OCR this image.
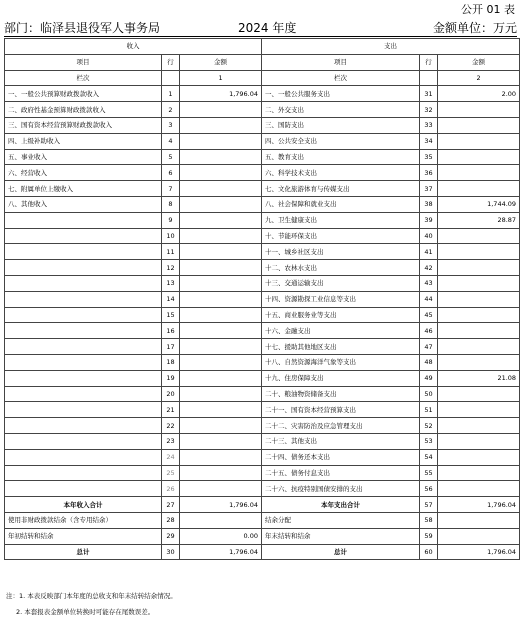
公开 01 表
部门：临泽县退役军人事务局	2024 年度	金额单位：万元
收入			支出		
项目	行	金额	项目	行	金额
栏次		1	栏次		2
一、一般公共预算财政拨款收入	1	1,796.04	一、一般公共服务支出	31	2.00
二、政府性基金预算财政拨款收入	2		二、外交支出	32	
三、国有资本经营预算财政拨款收入	3		三、国防支出	33	
四、上级补助收入	4		四、公共安全支出	34	
五、事业收入	5		五、教育支出	35	
六、经营收入	6		六、科学技术支出	36	
七、附属单位上缴收入	7		七、文化旅游体育与传媒支出	37	
八、其他收入	8		八、社会保障和就业支出	38	1,744.09
	9		九、卫生健康支出	39	28.87
	10		十、节能环保支出	40	
	11		十一、城乡社区支出	41	
	12		十二、农林水支出	42	
	13		十三、交通运输支出	43	
	14		十四、资源勘探工业信息等支出	44	
	15		十五、商业服务业等支出	45	
	16		十六、金融支出	46	
	17		十七、援助其他地区支出	47	
	18		十八、自然资源海洋气象等支出	48	
	19		十九、住房保障支出	49	21.08
	20		二十、粮油物资储备支出	50	
	21		二十一、国有资本经营预算支出	51	
	22		二十二、灾害防治及应急管理支出	52	
	23		二十三、其他支出	53	
	24		二十四、债务还本支出	54	
	25		二十五、债务付息支出	55	
	26		二十六、抗疫特别国债安排的支出	56	
本年收入合计	27	1,796.04	本年支出合计	57	1,796.04
使用非财政拨款结余（含专用结余）	28		结余分配	58	
年初结转和结余	29	0.00	年末结转和结余	59	
总计	30	1,796.04	总计	60	1,796.04
注：1. 本表反映部门本年度的总收支和年末结转结余情况。
2. 本套报表金额单位转换时可能存在尾数误差。
